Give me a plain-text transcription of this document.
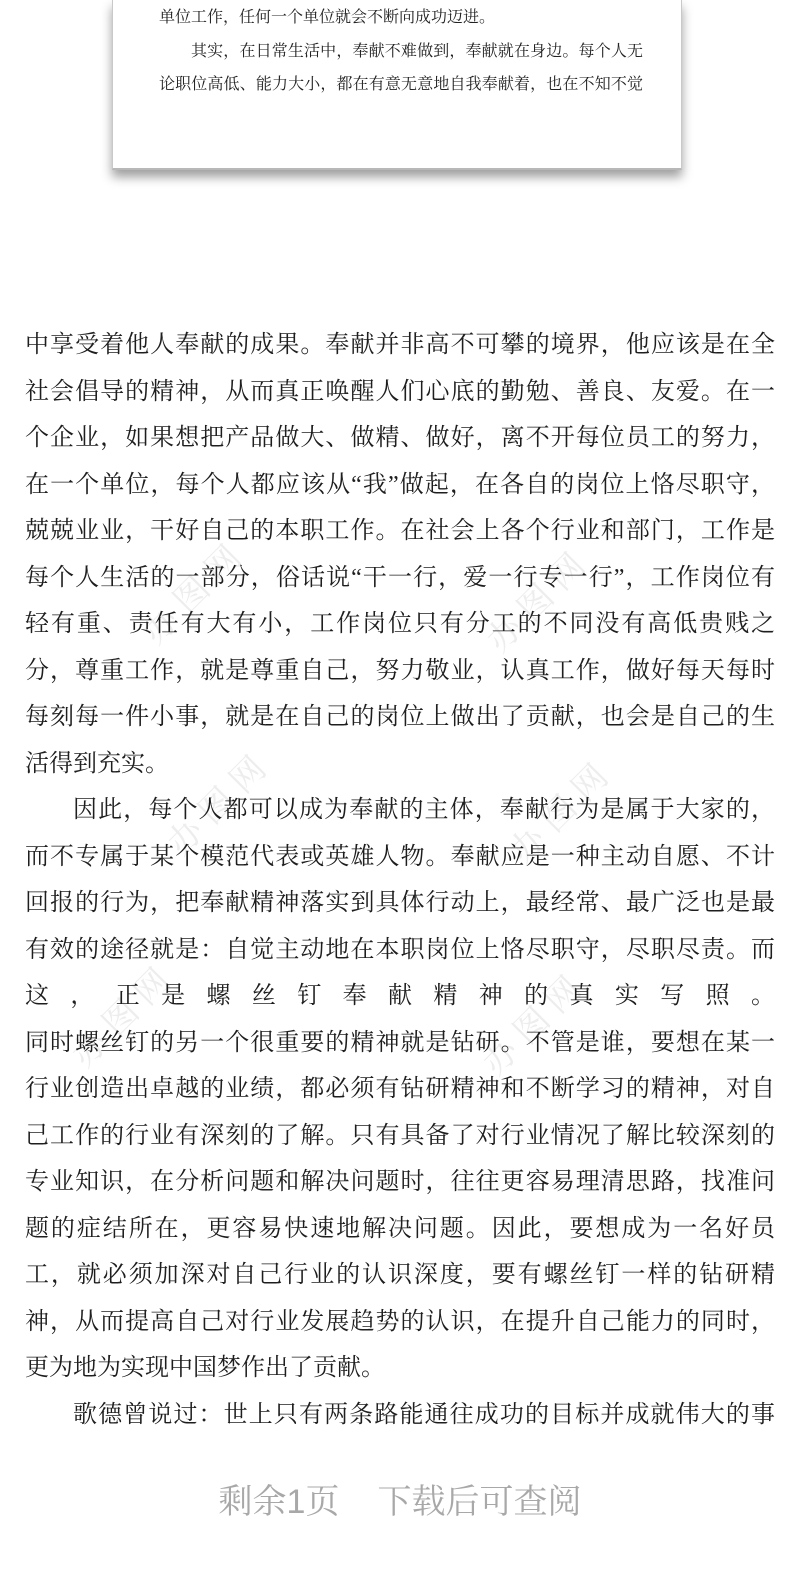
办图网	办图网
办图网	办图网
办图网	办图网
单位工作，任何一个单位就会不断向成功迈进。
其实，在日常生活中，奉献不难做到，奉献就在身边。每个人无
论职位高低、能力大小，都在有意无意地自我奉献着，也在不知不觉
中享受着他人奉献的成果。奉献并非高不可攀的境界，他应该是在全
社会倡导的精神，从而真正唤醒人们心底的勤勉、善良、友爱。在一
个企业，如果想把产品做大、做精、做好，离不开每位员工的努力，
在一个单位，每个人都应该从“我”做起，在各自的岗位上恪尽职守，
兢兢业业，干好自己的本职工作。在社会上各个行业和部门，工作是
每个人生活的一部分，俗话说“干一行，爱一行专一行”，工作岗位有
轻有重、责任有大有小，工作岗位只有分工的不同没有高低贵贱之
分，尊重工作，就是尊重自己，努力敬业，认真工作，做好每天每时
每刻每一件小事，就是在自己的岗位上做出了贡献，也会是自己的生
活得到充实。
因此，每个人都可以成为奉献的主体，奉献行为是属于大家的，
而不专属于某个模范代表或英雄人物。奉献应是一种主动自愿、不计
回报的行为，把奉献精神落实到具体行动上，最经常、最广泛也是最
有效的途径就是：自觉主动地在本职岗位上恪尽职守，尽职尽责。而
这，正是螺丝钉奉献精神的真实写照。
同时螺丝钉的另一个很重要的精神就是钻研。不管是谁，要想在某一
行业创造出卓越的业绩，都必须有钻研精神和不断学习的精神，对自
己工作的行业有深刻的了解。只有具备了对行业情况了解比较深刻的
专业知识，在分析问题和解决问题时，往往更容易理清思路，找准问
题的症结所在，更容易快速地解决问题。因此，要想成为一名好员
工，就必须加深对自己行业的认识深度，要有螺丝钉一样的钻研精
神，从而提高自己对行业发展趋势的认识，在提升自己能力的同时，
更为地为实现中国梦作出了贡献。
歌德曾说过：世上只有两条路能通往成功的目标并成就伟大的事
剩余1页 下载后可查阅
